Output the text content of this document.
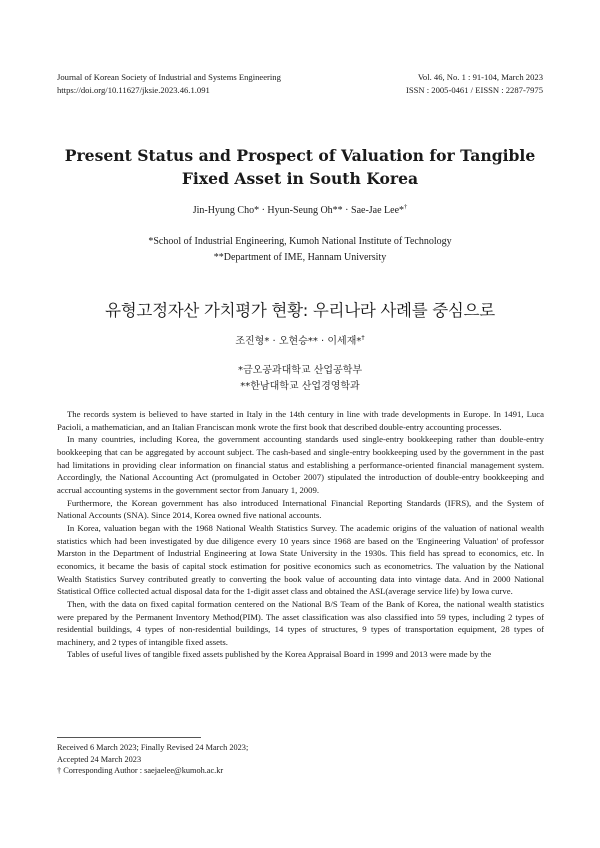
Journal of Korean Society of Industrial and Systems Engineering
https://doi.org/10.11627/jksie.2023.46.1.091
Vol. 46, No. 1 : 91-104, March 2023
ISSN : 2005-0461 / EISSN : 2287-7975
Present Status and Prospect of Valuation for Tangible
Fixed Asset in South Korea
Jin-Hyung Cho* · Hyun-Seung Oh** · Sae-Jae Lee*†
*School of Industrial Engineering, Kumoh National Institute of Technology
**Department of IME, Hannam University
유형고정자산 가치평가 현황: 우리나라 사례를 중심으로
조진형* · 오현승** · 이세재*†
*금오공과대학교 산업공학부
**한남대학교 산업경영학과

The records system is believed to have started in Italy in the 14th century in line with trade developments in Europe. In 1491, Luca Pacioli, a mathematician, and an Italian Franciscan monk wrote the first book that described double-entry accounting processes.

In many countries, including Korea, the government accounting standards used single-entry bookkeeping rather than double-entry bookkeeping that can be aggregated by account subject. The cash-based and single-entry bookkeeping used by the government in the past had limitations in providing clear information on financial status and establishing a performance-oriented financial management system. Accordingly, the National Accounting Act (promulgated in October 2007) stipulated the introduction of double-entry bookkeeping and accrual accounting systems in the government sector from January 1, 2009.

Furthermore, the Korean government has also introduced International Financial Reporting Standards (IFRS), and the System of National Accounts (SNA). Since 2014, Korea owned five national accounts.

In Korea, valuation began with the 1968 National Wealth Statistics Survey. The academic origins of the valuation of national wealth statistics which had been investigated by due diligence every 10 years since 1968 are based on the 'Engineering Valuation' of professor Marston in the Department of Industrial Engineering at Iowa State University in the 1930s. This field has spread to economics, etc. In economics, it became the basis of capital stock estimation for positive economics such as econometrics. The valuation by the National Wealth Statistics Survey contributed greatly to converting the book value of accounting data into vintage data. And in 2000 National Statistical Office collected actual disposal data for the 1-digit asset class and obtained the ASL(average service life) by Iowa curve.

Then, with the data on fixed capital formation centered on the National B/S Team of the Bank of Korea, the national wealth statistics were prepared by the Permanent Inventory Method(PIM). The asset classification was also classified into 59 types, including 2 types of residential buildings, 4 types of non-residential buildings, 14 types of structures, 9 types of transportation equipment, 28 types of machinery, and 2 types of intangible fixed assets.

Tables of useful lives of tangible fixed assets published by the Korea Appraisal Board in 1999 and 2013 were made by the

Received 6 March 2023; Finally Revised 24 March 2023;
Accepted 24 March 2023
† Corresponding Author : saejaelee@kumoh.ac.kr
